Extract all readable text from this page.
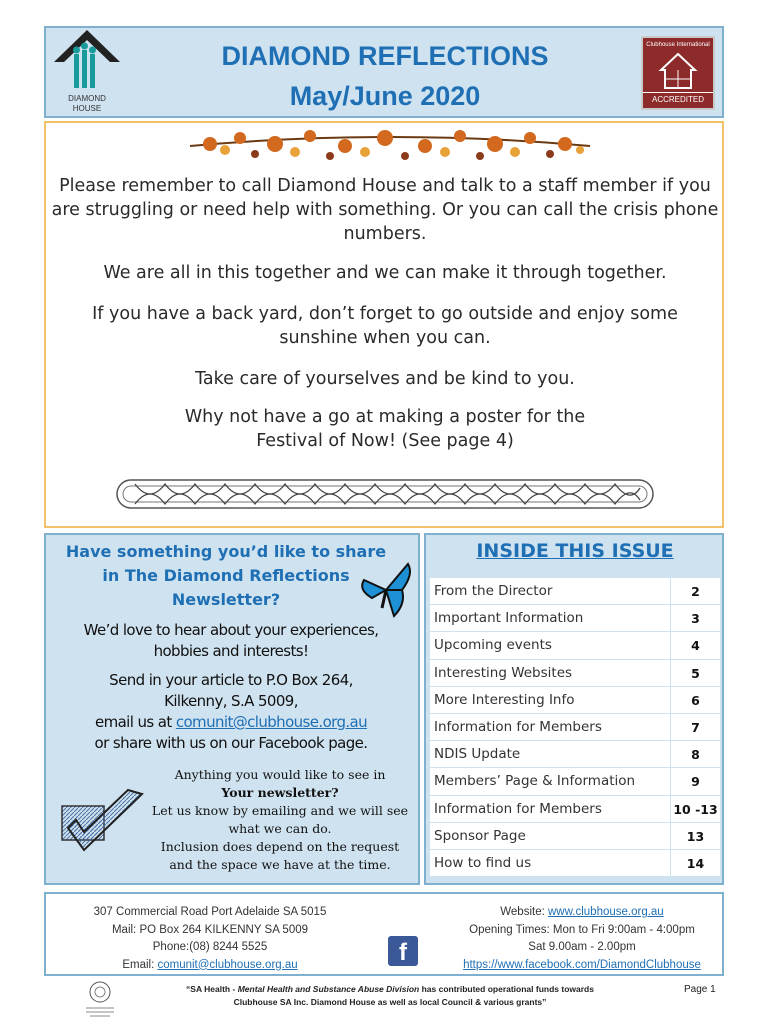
DIAMOND
HOUSE
DIAMOND REFLECTIONS
May/June 2020
Clubhouse International
ACCREDITED
Please remember to call Diamond House and talk to a staff member if you are struggling or need help with something. Or you can call the crisis phone numbers.
We are all in this together and we can make it through together.
If you have a back yard, don’t forget to go outside and enjoy some sunshine when you can.
Take care of yourselves and be kind to you.
Why not have a go at making a poster for the Festival of Now! (See page 4)
Have something you’d like to share in The Diamond Reflections Newsletter?
We’d love to hear about your experiences, hobbies and interests!
Send in your article to P.O Box 264,
Kilkenny, S.A 5009,
email us at comunit@clubhouse.org.au
or share with us on our Facebook page.
Anything you would like to see in
Your newsletter?
Let us know by emailing and we will see what we can do.
Inclusion does depend on the request and the space we have at the time.
INSIDE THIS ISSUE
From the Director	2
Important Information	3
Upcoming events	4
Interesting Websites	5
More Interesting Info	6
Information for Members	7
NDIS Update	8
Members’ Page & Information	9
Information for Members	10 -13
Sponsor Page	13
How to find us	14
307 Commercial Road Port Adelaide SA 5015
Mail: PO Box 264 KILKENNY SA 5009
Phone:(08) 8244 5525
Email: comunit@clubhouse.org.au	f
Website: www.clubhouse.org.au
Opening Times: Mon to Fri 9:00am - 4:00pm
Sat 9.00am - 2.00pm
https://www.facebook.com/DiamondClubhouse
“SA Health - Mental Health and Substance Abuse Division has contributed operational funds towards
Clubhouse SA Inc. Diamond House as well as local Council & various grants”
Page 1
